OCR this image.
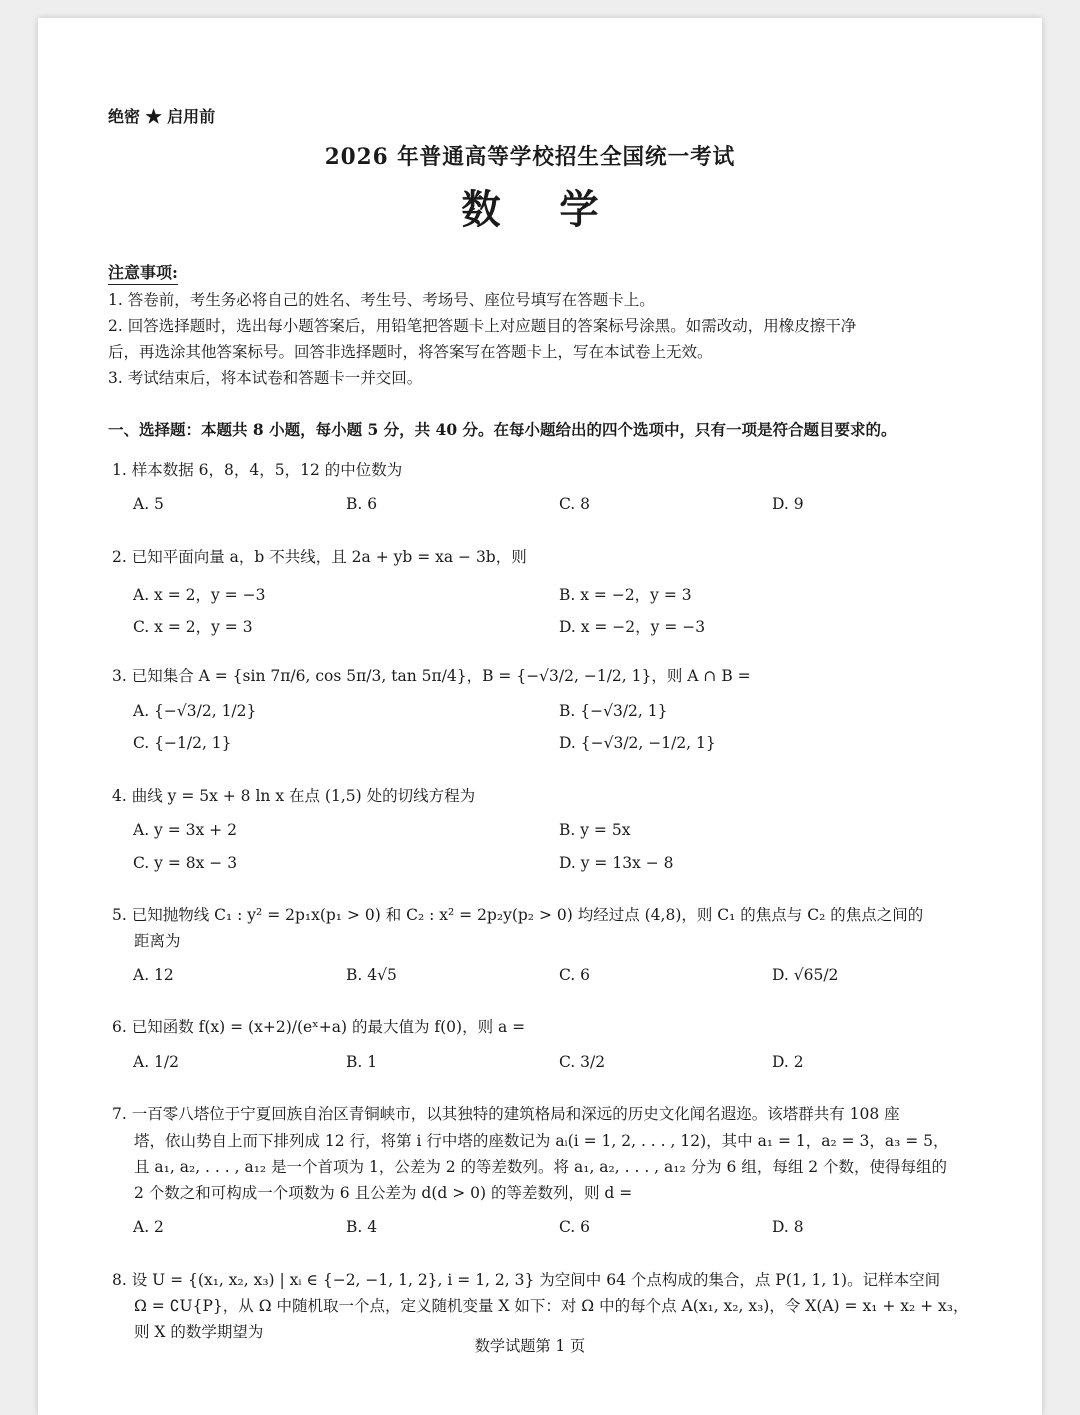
绝密 ★ 启用前
2026 年普通高等学校招生全国统一考试
数学
注意事项:
1. 答卷前，考生务必将自己的姓名、考生号、考场号、座位号填写在答题卡上。
2. 回答选择题时，选出每小题答案后，用铅笔把答题卡上对应题目的答案标号涂黑。如需改动，用橡皮擦干净
后，再选涂其他答案标号。回答非选择题时，将答案写在答题卡上，写在本试卷上无效。
3. 考试结束后，将本试卷和答题卡一并交回。
一、选择题：本题共 8 小题，每小题 5 分，共 40 分。在每小题给出的四个选项中，只有一项是符合题目要求的。
1. 样本数据 6，8，4，5，12 的中位数为
A. 5	B. 6	C. 8	D. 9
2. 已知平面向量 a，b 不共线，且 2a + yb = xa − 3b，则
A. x = 2，y = −3	B. x = −2，y = 3
C. x = 2，y = 3	D. x = −2，y = −3
3. 已知集合 A = {sin 7π/6, cos 5π/3, tan 5π/4}，B = {−√3/2, −1/2, 1}，则 A ∩ B =
A. {−√3/2, 1/2}	B. {−√3/2, 1}
C. {−1/2, 1}	D. {−√3/2, −1/2, 1}
4. 曲线 y = 5x + 8 ln x 在点 (1,5) 处的切线方程为
A. y = 3x + 2	B. y = 5x
C. y = 8x − 3	D. y = 13x − 8
5. 已知抛物线 C₁ : y² = 2p₁x(p₁ > 0) 和 C₂ : x² = 2p₂y(p₂ > 0) 均经过点 (4,8)，则 C₁ 的焦点与 C₂ 的焦点之间的
距离为
A. 12	B. 4√5	C. 6	D. √65/2
6. 已知函数 f(x) = (x+2)/(eˣ+a) 的最大值为 f(0)，则 a =
A. 1/2	B. 1	C. 3/2	D. 2
7. 一百零八塔位于宁夏回族自治区青铜峡市，以其独特的建筑格局和深远的历史文化闻名遐迩。该塔群共有 108 座
塔，依山势自上而下排列成 12 行，将第 i 行中塔的座数记为 aᵢ(i = 1, 2, . . . , 12)，其中 a₁ = 1，a₂ = 3，a₃ = 5，
且 a₁, a₂, . . . , a₁₂ 是一个首项为 1，公差为 2 的等差数列。将 a₁, a₂, . . . , a₁₂ 分为 6 组，每组 2 个数，使得每组的
2 个数之和可构成一个项数为 6 且公差为 d(d > 0) 的等差数列，则 d =
A. 2	B. 4	C. 6	D. 8
8. 设 U = {(x₁, x₂, x₃) | xᵢ ∈ {−2, −1, 1, 2}, i = 1, 2, 3} 为空间中 64 个点构成的集合，点 P(1, 1, 1)。记样本空间
Ω = ∁U{P}，从 Ω 中随机取一个点，定义随机变量 X 如下：对 Ω 中的每个点 A(x₁, x₂, x₃)，令 X(A) = x₁ + x₂ + x₃，
则 X 的数学期望为
数学试题第 1 页
